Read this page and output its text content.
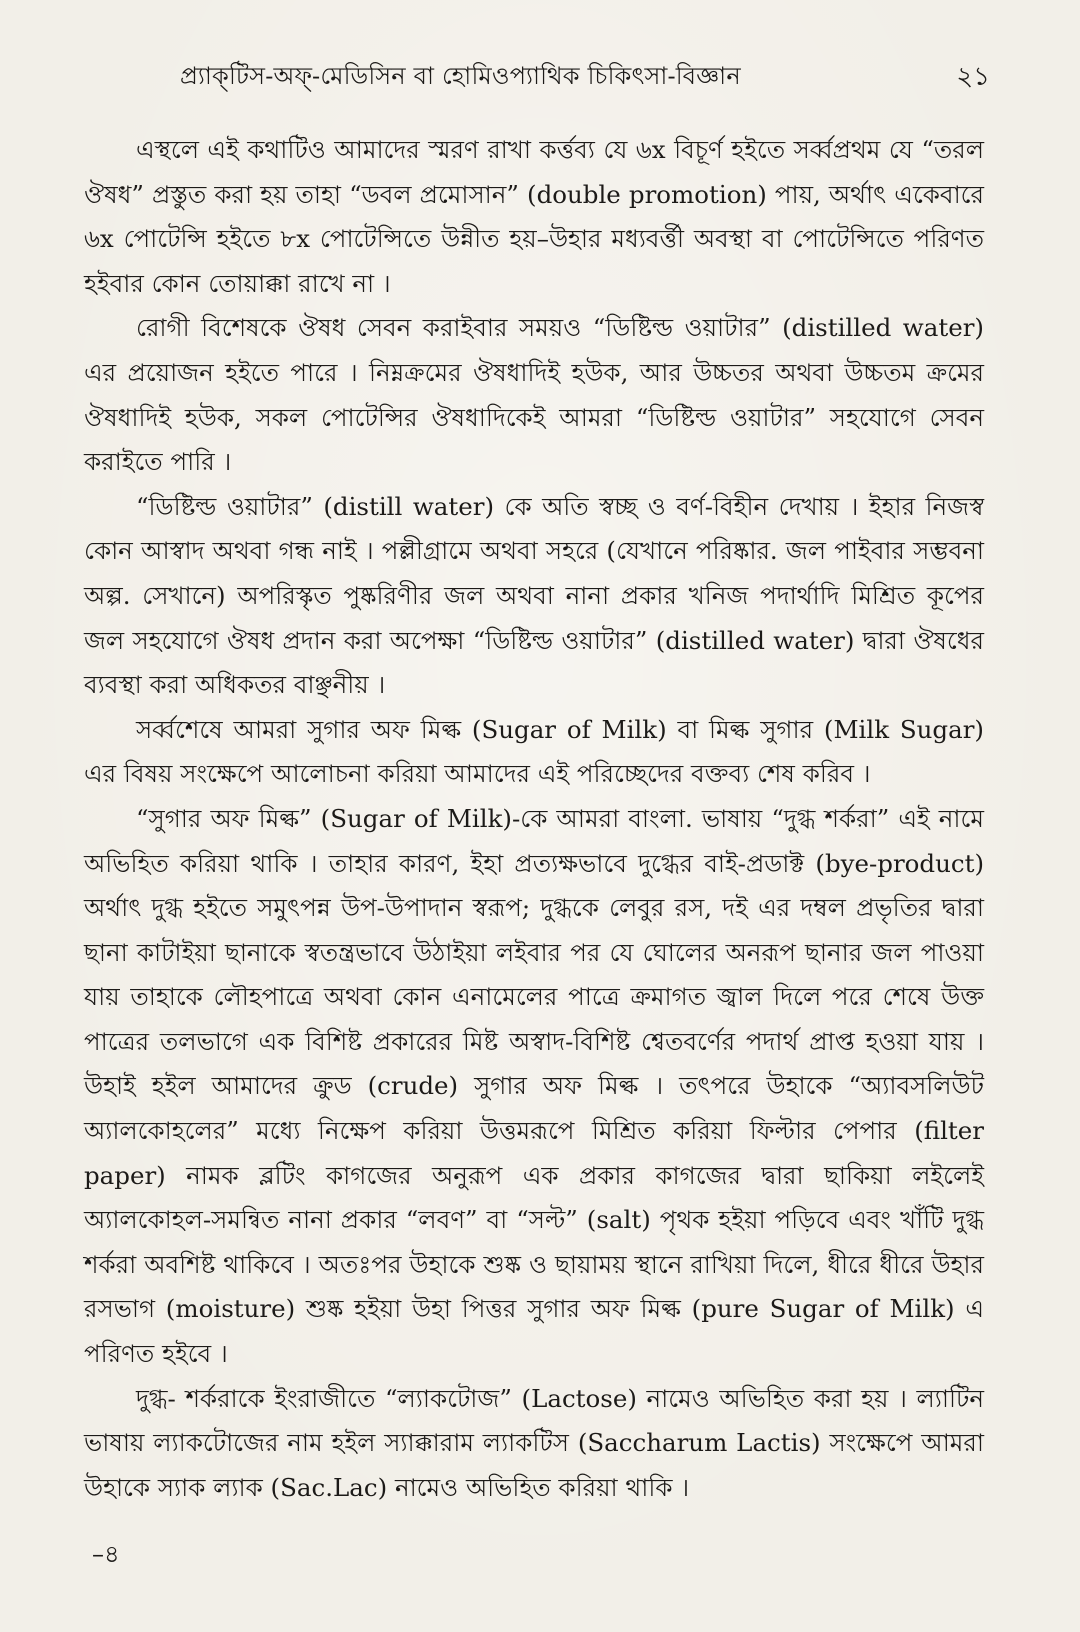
প্র্যাক্‌টিস-অফ্‌-মেডিসিন বা হোমিওপ্যাথিক চিকিৎসা-বিজ্ঞান	২১

এস্থলে এই কথাটিও আমাদের স্মরণ রাখা কর্ত্তব্য যে ৬x বিচূর্ণ হইতে সর্ব্বপ্রথম যে “তরল ঔষধ” প্রস্তুত করা হয় তাহা “ডবল প্রমোসান” (double promotion) পায়, অর্থাৎ একেবারে ৬x পোটেন্সি হইতে ৮x পোটেন্সিতে উন্নীত হয়–উহার মধ্যবর্ত্তী অবস্থা বা পোটেন্সিতে পরিণত হইবার কোন তোয়াক্কা রাখে না ।

রোগী বিশেষকে ঔষধ সেবন করাইবার সময়ও “ডিষ্টিল্ড ওয়াটার” (distilled water) এর প্রয়োজন হইতে পারে । নিম্নক্রমের ঔষধাদিই হউক, আর উচ্চতর অথবা উচ্চতম ক্রমের ঔষধাদিই হউক, সকল পোটেন্সির ঔষধাদিকেই আমরা “ডিষ্টিল্ড ওয়াটার” সহযোগে সেবন করাইতে পারি ।

“ডিষ্টিল্ড ওয়াটার” (distill water) কে অতি স্বচ্ছ ও বর্ণ-বিহীন দেখায় । ইহার নিজস্ব কোন আস্বাদ অথবা গন্ধ নাই । পল্লীগ্রামে অথবা সহরে (যেখানে পরিষ্কার. জল পাইবার সম্ভবনা অল্প. সেখানে) অপরিস্কৃত পুষ্করিণীর জল অথবা নানা প্রকার খনিজ পদার্থাদি মিশ্রিত কূপের জল সহযোগে ঔষধ প্রদান করা অপেক্ষা “ডিষ্টিল্ড ওয়াটার” (distilled water) দ্বারা ঔষধের ব্যবস্থা করা অধিকতর বাঞ্ছনীয় ।

সর্ব্বশেষে আমরা সুগার অফ মিল্ক (Sugar of Milk) বা মিল্ক সুগার (Milk Sugar) এর বিষয় সংক্ষেপে আলোচনা করিয়া আমাদের এই পরিচ্ছেদের বক্তব্য শেষ করিব ।

“সুগার অফ মিল্ক” (Sugar of Milk)-কে আমরা বাংলা. ভাষায় “দুগ্ধ শর্করা” এই নামে অভিহিত করিয়া থাকি । তাহার কারণ, ইহা প্রত্যক্ষভাবে দুগ্ধের বাই-প্রডাক্ট (bye-product) অর্থাৎ দুগ্ধ হইতে সমুৎপন্ন উপ-উপাদান স্বরূপ; দুগ্ধকে লেবুর রস, দই এর দম্বল প্রভৃতির দ্বারা ছানা কাটাইয়া ছানাকে স্বতন্ত্রভাবে উঠাইয়া লইবার পর যে ঘোলের অনরূপ ছানার জল পাওয়া যায় তাহাকে লৌহপাত্রে অথবা কোন এনামেলের পাত্রে ক্রমাগত জ্বাল দিলে পরে শেষে উক্ত পাত্রের তলভাগে এক বিশিষ্ট প্রকারের মিষ্ট অস্বাদ-বিশিষ্ট শ্বেতবর্ণের পদার্থ প্রাপ্ত হওয়া যায় । উহাই হইল আমাদের ক্রুড (crude) সুগার অফ মিল্ক । তৎপরে উহাকে “অ্যাবসলিউট অ্যালকোহলের” মধ্যে নিক্ষেপ করিয়া উত্তমরূপে মিশ্রিত করিয়া ফিল্টার পেপার (filter paper) নামক ব্লটিং কাগজের অনুরূপ এক প্রকার কাগজের দ্বারা ছাকিয়া লইলেই অ্যালকোহল-সমন্বিত নানা প্রকার “লবণ” বা “সল্ট” (salt) পৃথক হইয়া পড়িবে এবং খাঁটি দুগ্ধ শর্করা অবশিষ্ট থাকিবে । অতঃপর উহাকে শুষ্ক ও ছায়াময় স্থানে রাখিয়া দিলে, ধীরে ধীরে উহার রসভাগ (moisture) শুষ্ক হইয়া উহা পিত্তর সুগার অফ মিল্ক (pure Sugar of Milk) এ পরিণত হইবে ।

দুগ্ধ- শর্করাকে ইংরাজীতে “ল্যাকটোজ” (Lactose) নামেও অভিহিত করা হয় । ল্যাটিন ভাষায় ল্যাকটোজের নাম হইল স্যাক্কারাম ল্যাকটিস (Saccharum Lactis) সংক্ষেপে আমরা উহাকে স্যাক ল্যাক (Sac.Lac) নামেও অভিহিত করিয়া থাকি ।

–৪
